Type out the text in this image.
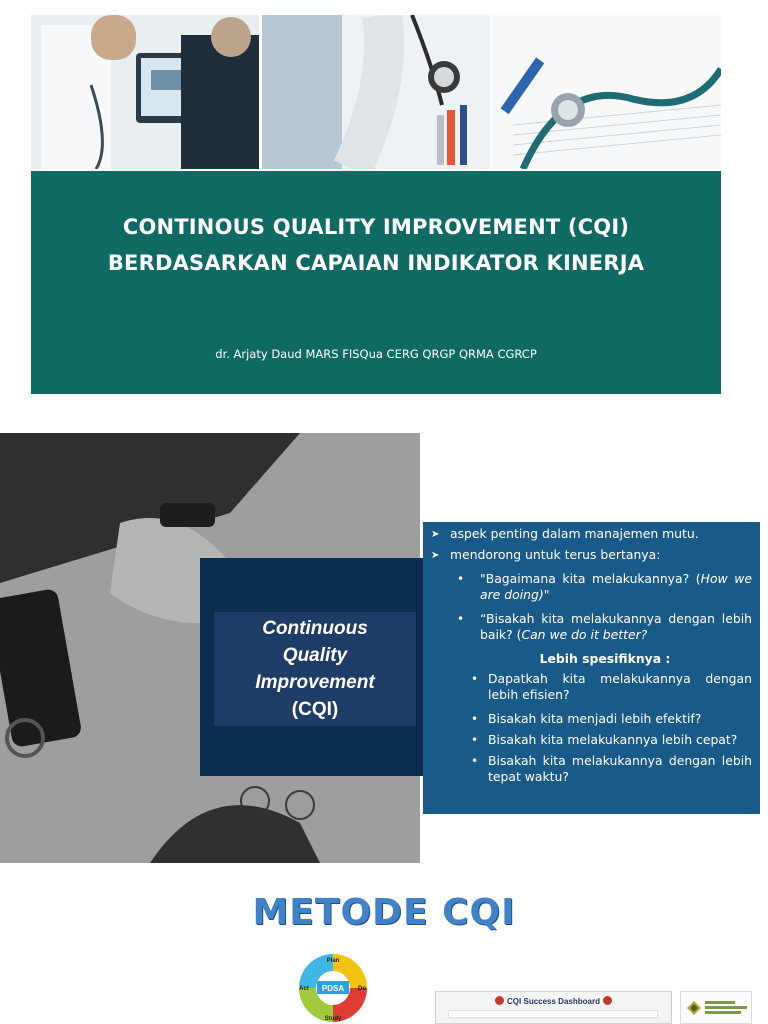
CONTINOUS QUALITY IMPROVEMENT (CQI)
BERDASARKAN CAPAIAN INDIKATOR KINERJA
dr. Arjaty Daud MARS FISQua CERG QRGP QRMA CGRCP
Continuous
Quality
Improvement
(CQI)
➤ aspek penting dalam manajemen mutu.
➤ mendorong untuk terus bertanya:
• "Bagaimana kita melakukannya? (How we are doing)"
• “Bisakah kita melakukannya dengan lebih baik? (Can we do it better?
Lebih spesifiknya :
• Dapatkah kita melakukannya dengan lebih efisien?
• Bisakah kita menjadi lebih efektif?
• Bisakah kita melakukannya lebih cepat?
• Bisakah kita melakukannya dengan lebih tepat waktu?
METODE CQI
PDSA
Plan
Do
Study
Act
CQI Success Dashboard
